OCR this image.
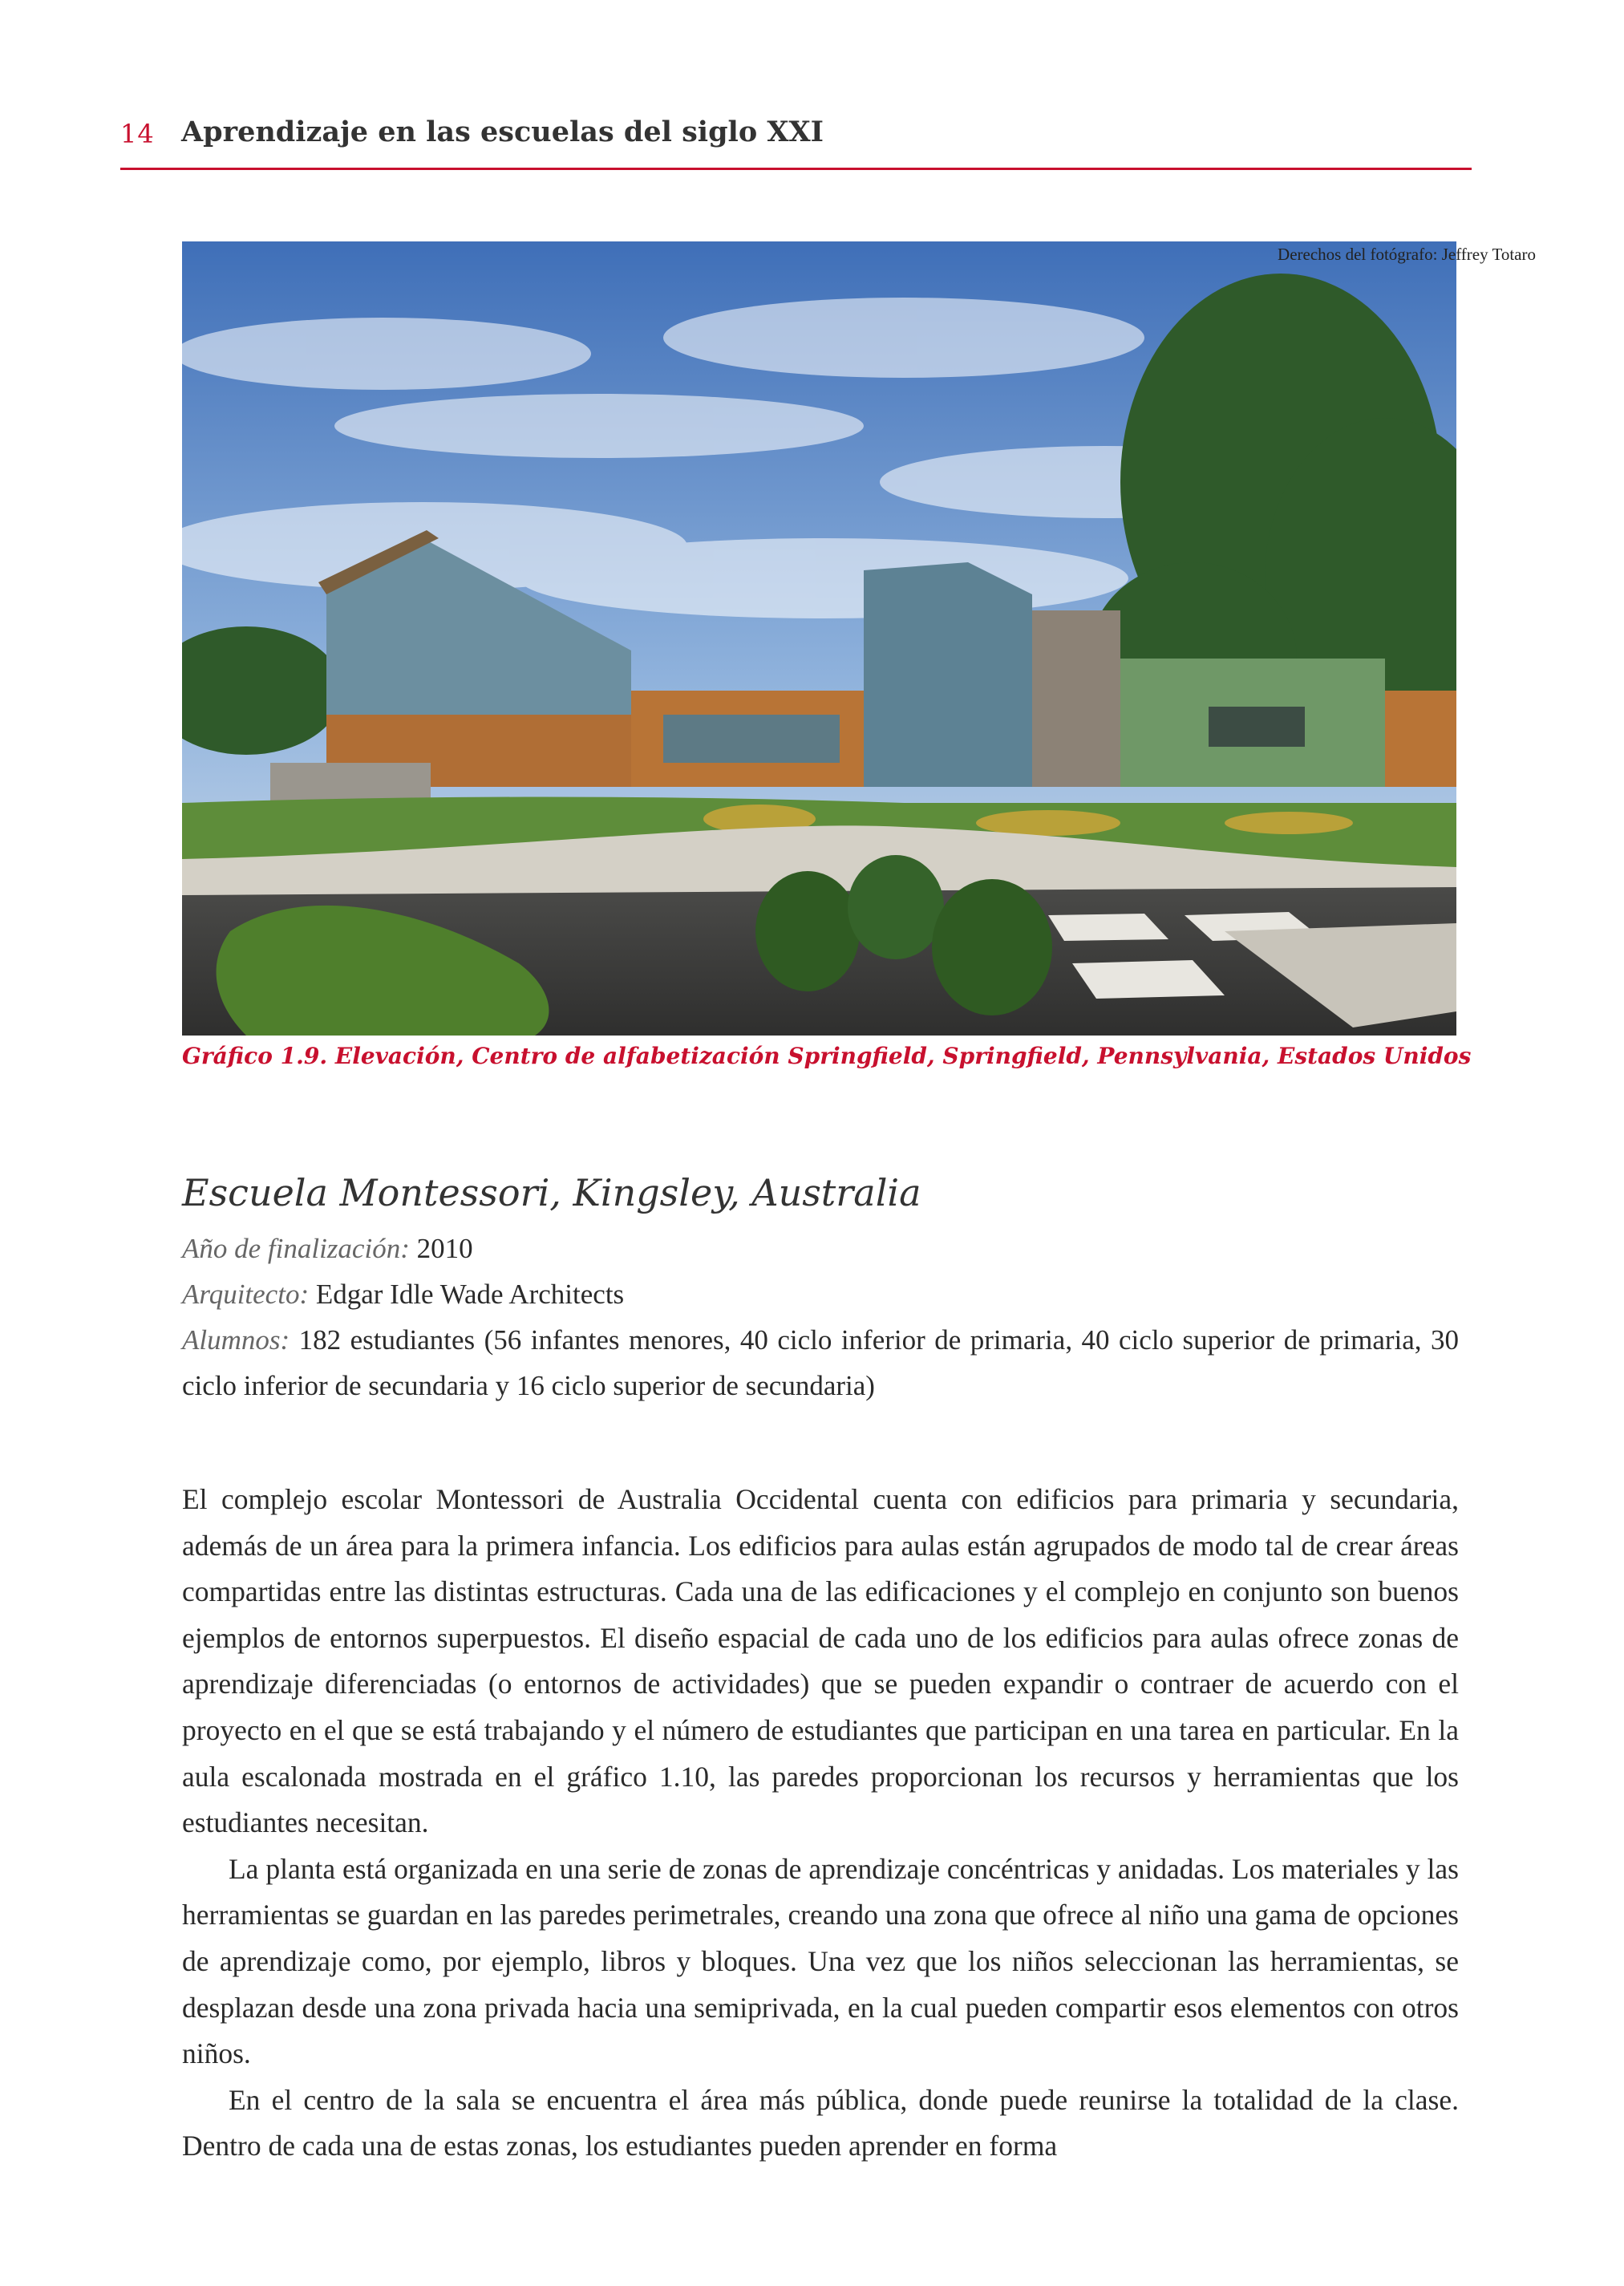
14 Aprendizaje en las escuelas del siglo XXI
Derechos del fotógrafo: Jeffrey Totaro
Gráfico 1.9. Elevación, Centro de alfabetización Springfield, Springfield, Pennsylvania, Estados Unidos
Escuela Montessori, Kingsley, Australia
Año de finalización: 2010
Arquitecto: Edgar Idle Wade Architects
Alumnos: 182 estudiantes (56 infantes menores, 40 ciclo inferior de primaria, 40 ciclo superior de primaria, 30 ciclo inferior de secundaria y 16 ciclo superior de secundaria)

El complejo escolar Montessori de Australia Occidental cuenta con edificios para primaria y secundaria, además de un área para la primera infancia. Los edificios para aulas están agrupados de modo tal de crear áreas compartidas entre las distintas estructuras. Cada una de las edificaciones y el complejo en conjunto son buenos ejemplos de entornos superpuestos. El diseño espacial de cada uno de los edificios para aulas ofrece zonas de aprendizaje diferenciadas (o entornos de actividades) que se pueden expandir o contraer de acuerdo con el proyecto en el que se está trabajando y el número de estudiantes que participan en una tarea en particular. En la aula escalonada mostrada en el gráfico 1.10, las paredes proporcionan los recursos y herramientas que los estudiantes necesitan.

La planta está organizada en una serie de zonas de aprendizaje concéntricas y anidadas. Los materiales y las herramientas se guardan en las paredes perimetrales, creando una zona que ofrece al niño una gama de opciones de aprendizaje como, por ejemplo, libros y bloques. Una vez que los niños seleccionan las herramientas, se desplazan desde una zona privada hacia una semiprivada, en la cual pueden compartir esos elementos con otros niños.

En el centro de la sala se encuentra el área más pública, donde puede reunirse la totalidad de la clase. Dentro de cada una de estas zonas, los estudiantes pueden aprender en forma
